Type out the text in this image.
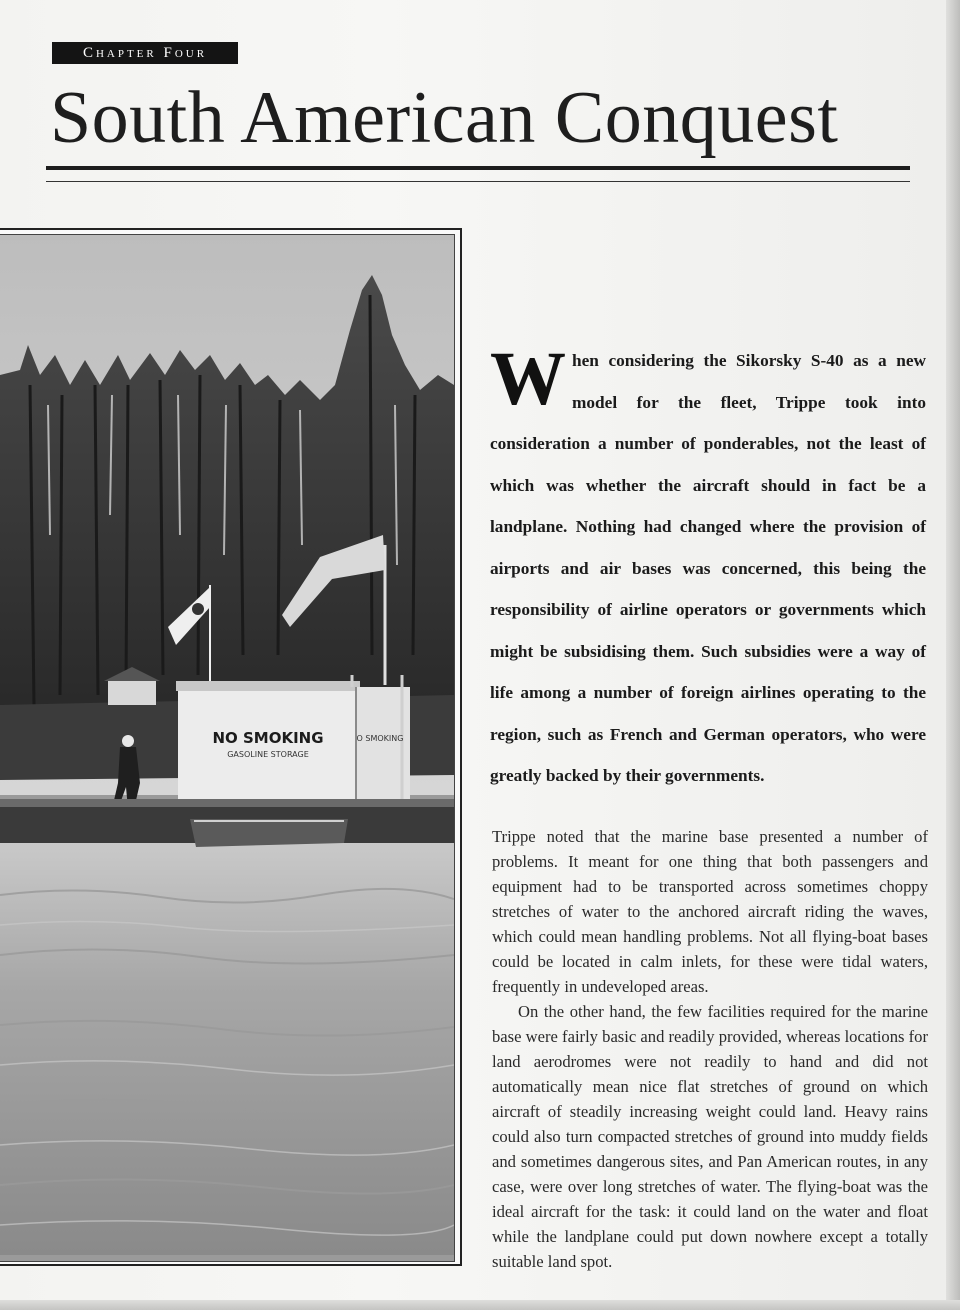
Chapter Four
South American Conquest
NO SMOKING
GASOLINE STORAGE
O SMOKING

When considering the Sikorsky S-40 as a new model for the fleet, Trippe took into consideration a number of ponderables, not the least of which was whether the aircraft should in fact be a landplane. Nothing had changed where the provision of airports and air bases was concerned, this being the responsibility of airline operators or governments which might be subsidising them. Such subsidies were a way of life among a number of foreign airlines operating to the region, such as French and German operators, who were greatly backed by their governments.

Trippe noted that the marine base presented a number of problems. It meant for one thing that both passengers and equipment had to be transported across sometimes choppy stretches of water to the anchored aircraft riding the waves, which could mean handling problems. Not all flying-boat bases could be located in calm inlets, for these were tidal waters, frequently in undeveloped areas.

On the other hand, the few facilities required for the marine base were fairly basic and readily provided, whereas locations for land aerodromes were not readily to hand and did not automatically mean nice flat stretches of ground on which aircraft of steadily increasing weight could land. Heavy rains could also turn compacted stretches of ground into muddy fields and sometimes dangerous sites, and Pan American routes, in any case, were over long stretches of water. The flying-boat was the ideal aircraft for the task: it could land on the water and float while the landplane could put down nowhere except a totally suitable land spot.
